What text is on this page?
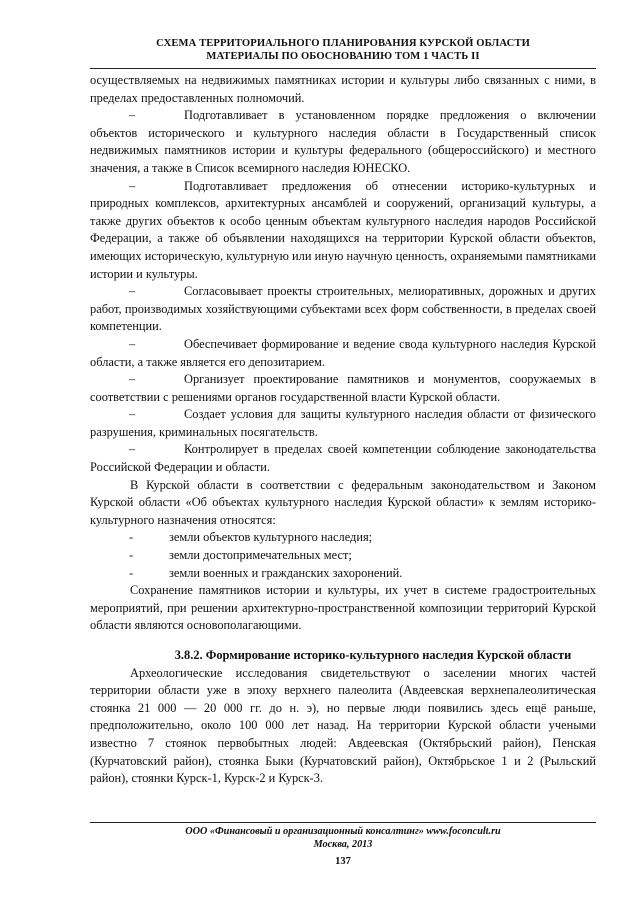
СХЕМА ТЕРРИТОРИАЛЬНОГО ПЛАНИРОВАНИЯ КУРСКОЙ ОБЛАСТИ
МАТЕРИАЛЫ ПО ОБОСНОВАНИЮ ТОМ 1 ЧАСТЬ II

осуществляемых на недвижимых памятниках истории и культуры либо связанных с ними, в пределах предоставленных полномочий.

–	Подготавливает в установленном порядке предложения о включении объектов исторического и культурного наследия области в Государственный список недвижимых памятников истории и культуры федерального (общероссийского) и местного значения, а также в Список всемирного наследия ЮНЕСКО.

–	Подготавливает предложения об отнесении историко-культурных и природных комплексов, архитектурных ансамблей и сооружений, организаций культуры, а также других объектов к особо ценным объектам культурного наследия народов Российской Федерации, а также об объявлении находящихся на территории Курской области объектов, имеющих историческую, культурную или иную научную ценность, охраняемыми памятниками истории и культуры.

–	Согласовывает проекты строительных, мелиоративных, дорожных и других работ, производимых хозяйствующими субъектами всех форм собственности, в пределах своей компетенции.

–	Обеспечивает формирование и ведение свода культурного наследия Курской области, а также является его депозитарием.

–	Организует проектирование памятников и монументов, сооружаемых в соответствии с решениями органов государственной власти Курской области.

–	Создает условия для защиты культурного наследия области от физического разрушения, криминальных посягательств.

–	Контролирует в пределах своей компетенции соблюдение законодательства Российской Федерации и области.

В Курской области в соответствии с федеральным законодательством и Законом Курской области «Об объектах культурного наследия Курской области» к землям историко-культурного назначения относятся:

-	земли объектов культурного наследия;
-	земли достопримечательных мест;
-	земли военных и гражданских захоронений.

Сохранение памятников истории и культуры, их учет в системе градостроительных мероприятий, при решении архитектурно-пространственной композиции территорий Курской области являются основополагающими.

3.8.2. Формирование историко-культурного наследия Курской области

Археологические исследования свидетельствуют о заселении многих частей территории области уже в эпоху верхнего палеолита (Авдеевская верхнепалеолитическая стоянка 21 000 — 20 000 гг. до н. э), но первые люди появились здесь ещё раньше, предположительно, около 100 000 лет назад. На территории Курской области учеными известно 7 стоянок первобытных людей: Авдеевская (Октябрьский район), Пенская (Курчатовский район), стоянка Быки (Курчатовский район), Октябрьское 1 и 2 (Рыльский район), стоянки Курск-1, Курск-2 и Курск-3.

ООО «Финансовый и организационный консалтинг» www.foconcult.ru
Москва, 2013
137
